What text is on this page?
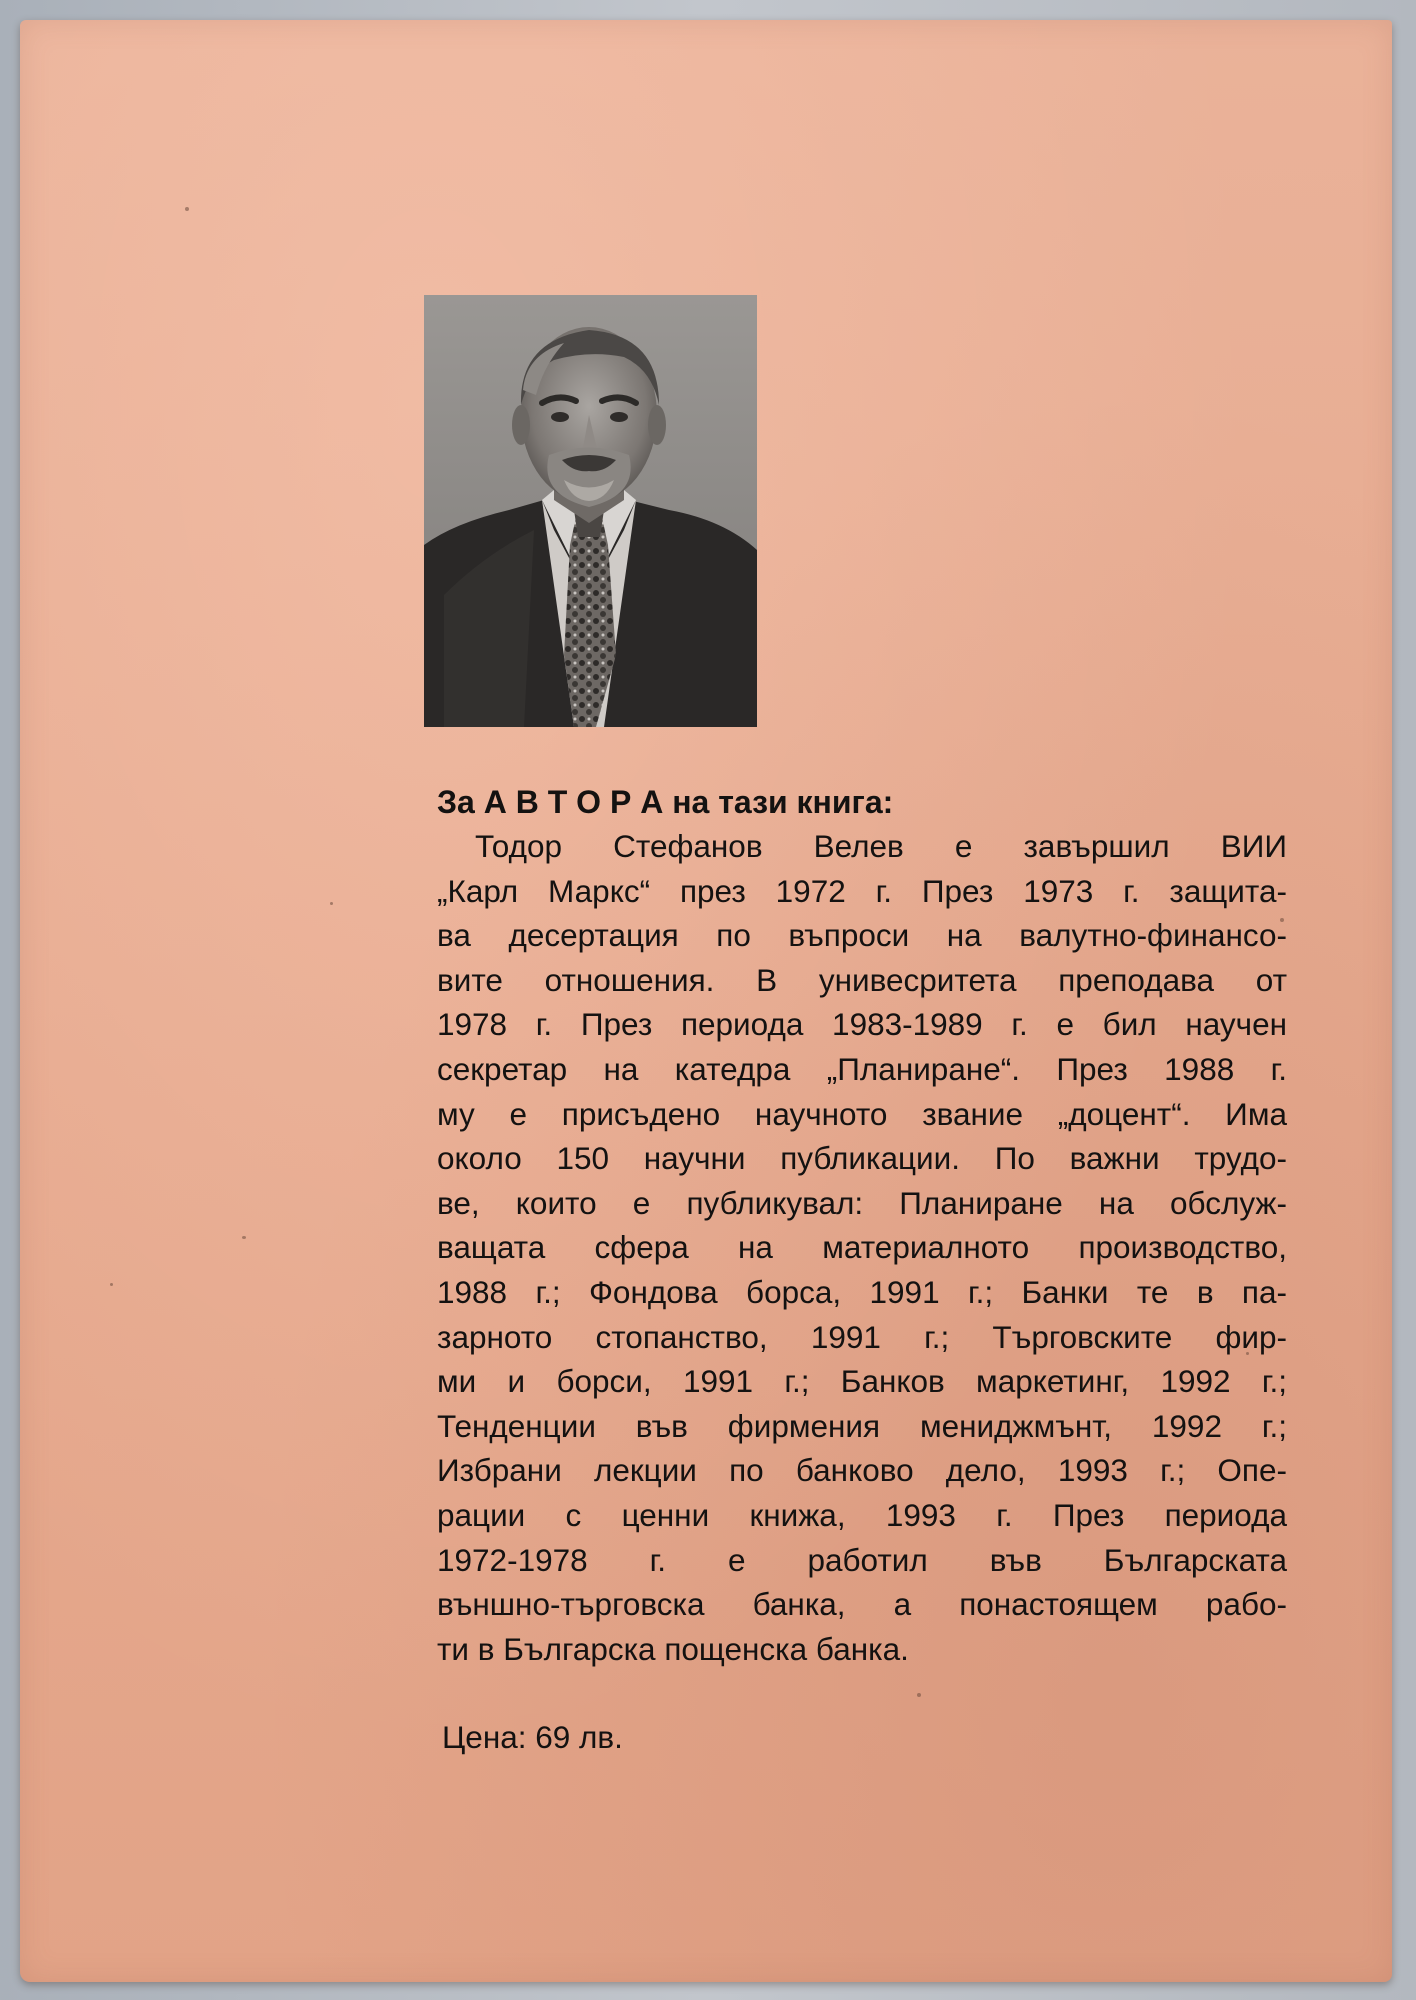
За А В Т О Р А на тази книга:

Тодор Стефанов Велев е завършил ВИИ
„Карл Маркс“ през 1972 г. През 1973 г. защита-
ва десертация по въпроси на валутно-финансо-
вите отношения. В унивесритета преподава от
1978 г. През периода 1983-1989 г. е бил научен
секретар на катедра „Планиране“. През 1988 г.
му е присъдено научното звание „доцент“. Има
около 150 научни публикации. По важни трудо-
ве, които е публикувал: Планиране на обслуж-
ващата сфера на материалното производство,
1988 г.; Фондова борса, 1991 г.; Банки те в па-
зарното стопанство, 1991 г.; Търговските фир-
ми и борси, 1991 г.; Банков маркетинг, 1992 г.;
Тенденции във фирмения мениджмънт, 1992 г.;
Избрани лекции по банково дело, 1993 г.; Опе-
рации с ценни книжа, 1993 г. През периода
1972-1978 г. е работил във Българската
външно-търговска банка, а понастоящем рабо-
ти в Българска пощенска банка.

Цена: 69 лв.
